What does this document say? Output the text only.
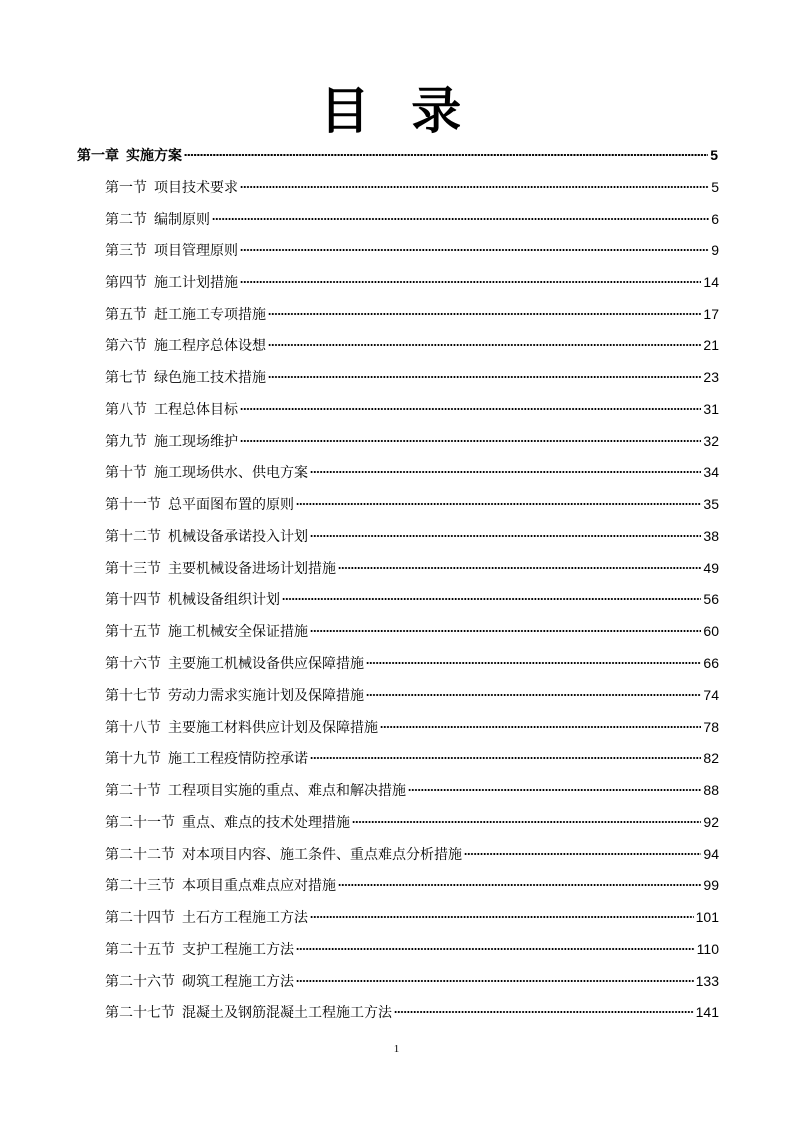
目 录
第一章 实施方案	5
第一节 项目技术要求	5
第二节 编制原则	6
第三节 项目管理原则	9
第四节 施工计划措施	14
第五节 赶工施工专项措施	17
第六节 施工程序总体设想	21
第七节 绿色施工技术措施	23
第八节 工程总体目标	31
第九节 施工现场维护	32
第十节 施工现场供水、供电方案	34
第十一节 总平面图布置的原则	35
第十二节 机械设备承诺投入计划	38
第十三节 主要机械设备进场计划措施	49
第十四节 机械设备组织计划	56
第十五节 施工机械安全保证措施	60
第十六节 主要施工机械设备供应保障措施	66
第十七节 劳动力需求实施计划及保障措施	74
第十八节 主要施工材料供应计划及保障措施	78
第十九节 施工工程疫情防控承诺	82
第二十节 工程项目实施的重点、难点和解决措施	88
第二十一节 重点、难点的技术处理措施	92
第二十二节 对本项目内容、施工条件、重点难点分析措施	94
第二十三节 本项目重点难点应对措施	99
第二十四节 土石方工程施工方法	101
第二十五节 支护工程施工方法	110
第二十六节 砌筑工程施工方法	133
第二十七节 混凝土及钢筋混凝土工程施工方法	141
1
